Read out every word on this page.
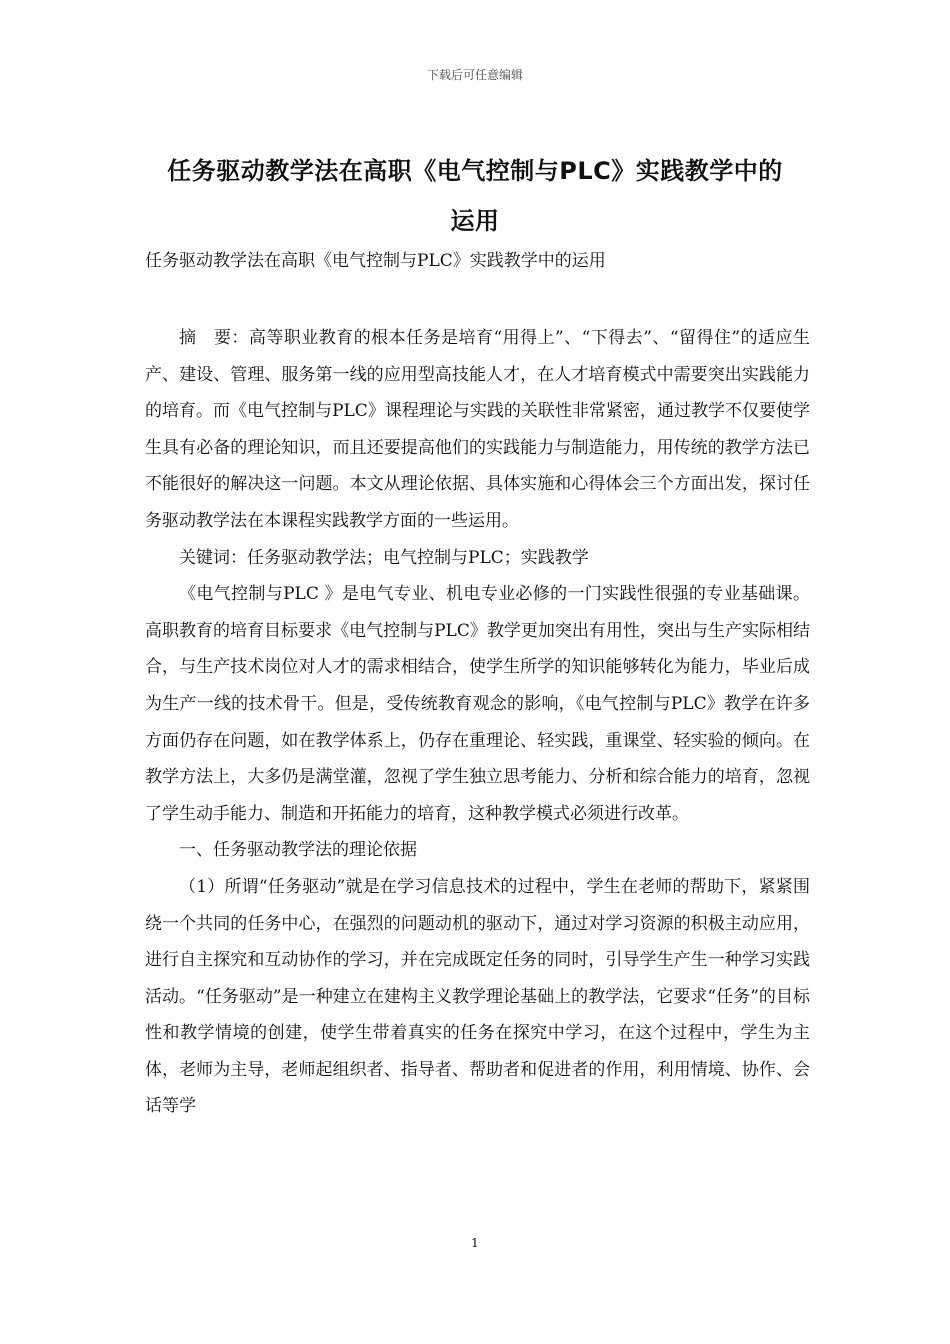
下载后可任意编辑
任务驱动教学法在高职《电气控制与PLC》实践教学中的
运用
任务驱动教学法在高职《电气控制与PLC》实践教学中的运用

摘　要：高等职业教育的根本任务是培育“用得上”、“下得去”、“留得住”的适应生产、建设、管理、服务第一线的应用型高技能人才，在人才培育模式中需要突出实践能力的培育。而《电气控制与PLC》课程理论与实践的关联性非常紧密，通过教学不仅要使学生具有必备的理论知识，而且还要提高他们的实践能力与制造能力，用传统的教学方法已不能很好的解决这一问题。本文从理论依据、具体实施和心得体会三个方面出发，探讨任务驱动教学法在本课程实践教学方面的一些运用。

关键词：任务驱动教学法；电气控制与PLC；实践教学

《电气控制与PLC 》是电气专业、机电专业必修的一门实践性很强的专业基础课。高职教育的培育目标要求《电气控制与PLC》教学更加突出有用性，突出与生产实际相结合，与生产技术岗位对人才的需求相结合，使学生所学的知识能够转化为能力，毕业后成为生产一线的技术骨干。但是，受传统教育观念的影响，《电气控制与PLC》教学在许多方面仍存在问题，如在教学体系上，仍存在重理论、轻实践，重课堂、轻实验的倾向。在教学方法上，大多仍是满堂灌，忽视了学生独立思考能力、分析和综合能力的培育，忽视了学生动手能力、制造和开拓能力的培育，这种教学模式必须进行改革。

一、任务驱动教学法的理论依据

（1）所谓“任务驱动”就是在学习信息技术的过程中，学生在老师的帮助下，紧紧围绕一个共同的任务中心，在强烈的问题动机的驱动下，通过对学习资源的积极主动应用，进行自主探究和互动协作的学习，并在完成既定任务的同时，引导学生产生一种学习实践活动。“任务驱动”是一种建立在建构主义教学理论基础上的教学法，它要求“任务”的目标性和教学情境的创建，使学生带着真实的任务在探究中学习，在这个过程中，学生为主体，老师为主导，老师起组织者、指导者、帮助者和促进者的作用，利用情境、协作、会话等学

1
